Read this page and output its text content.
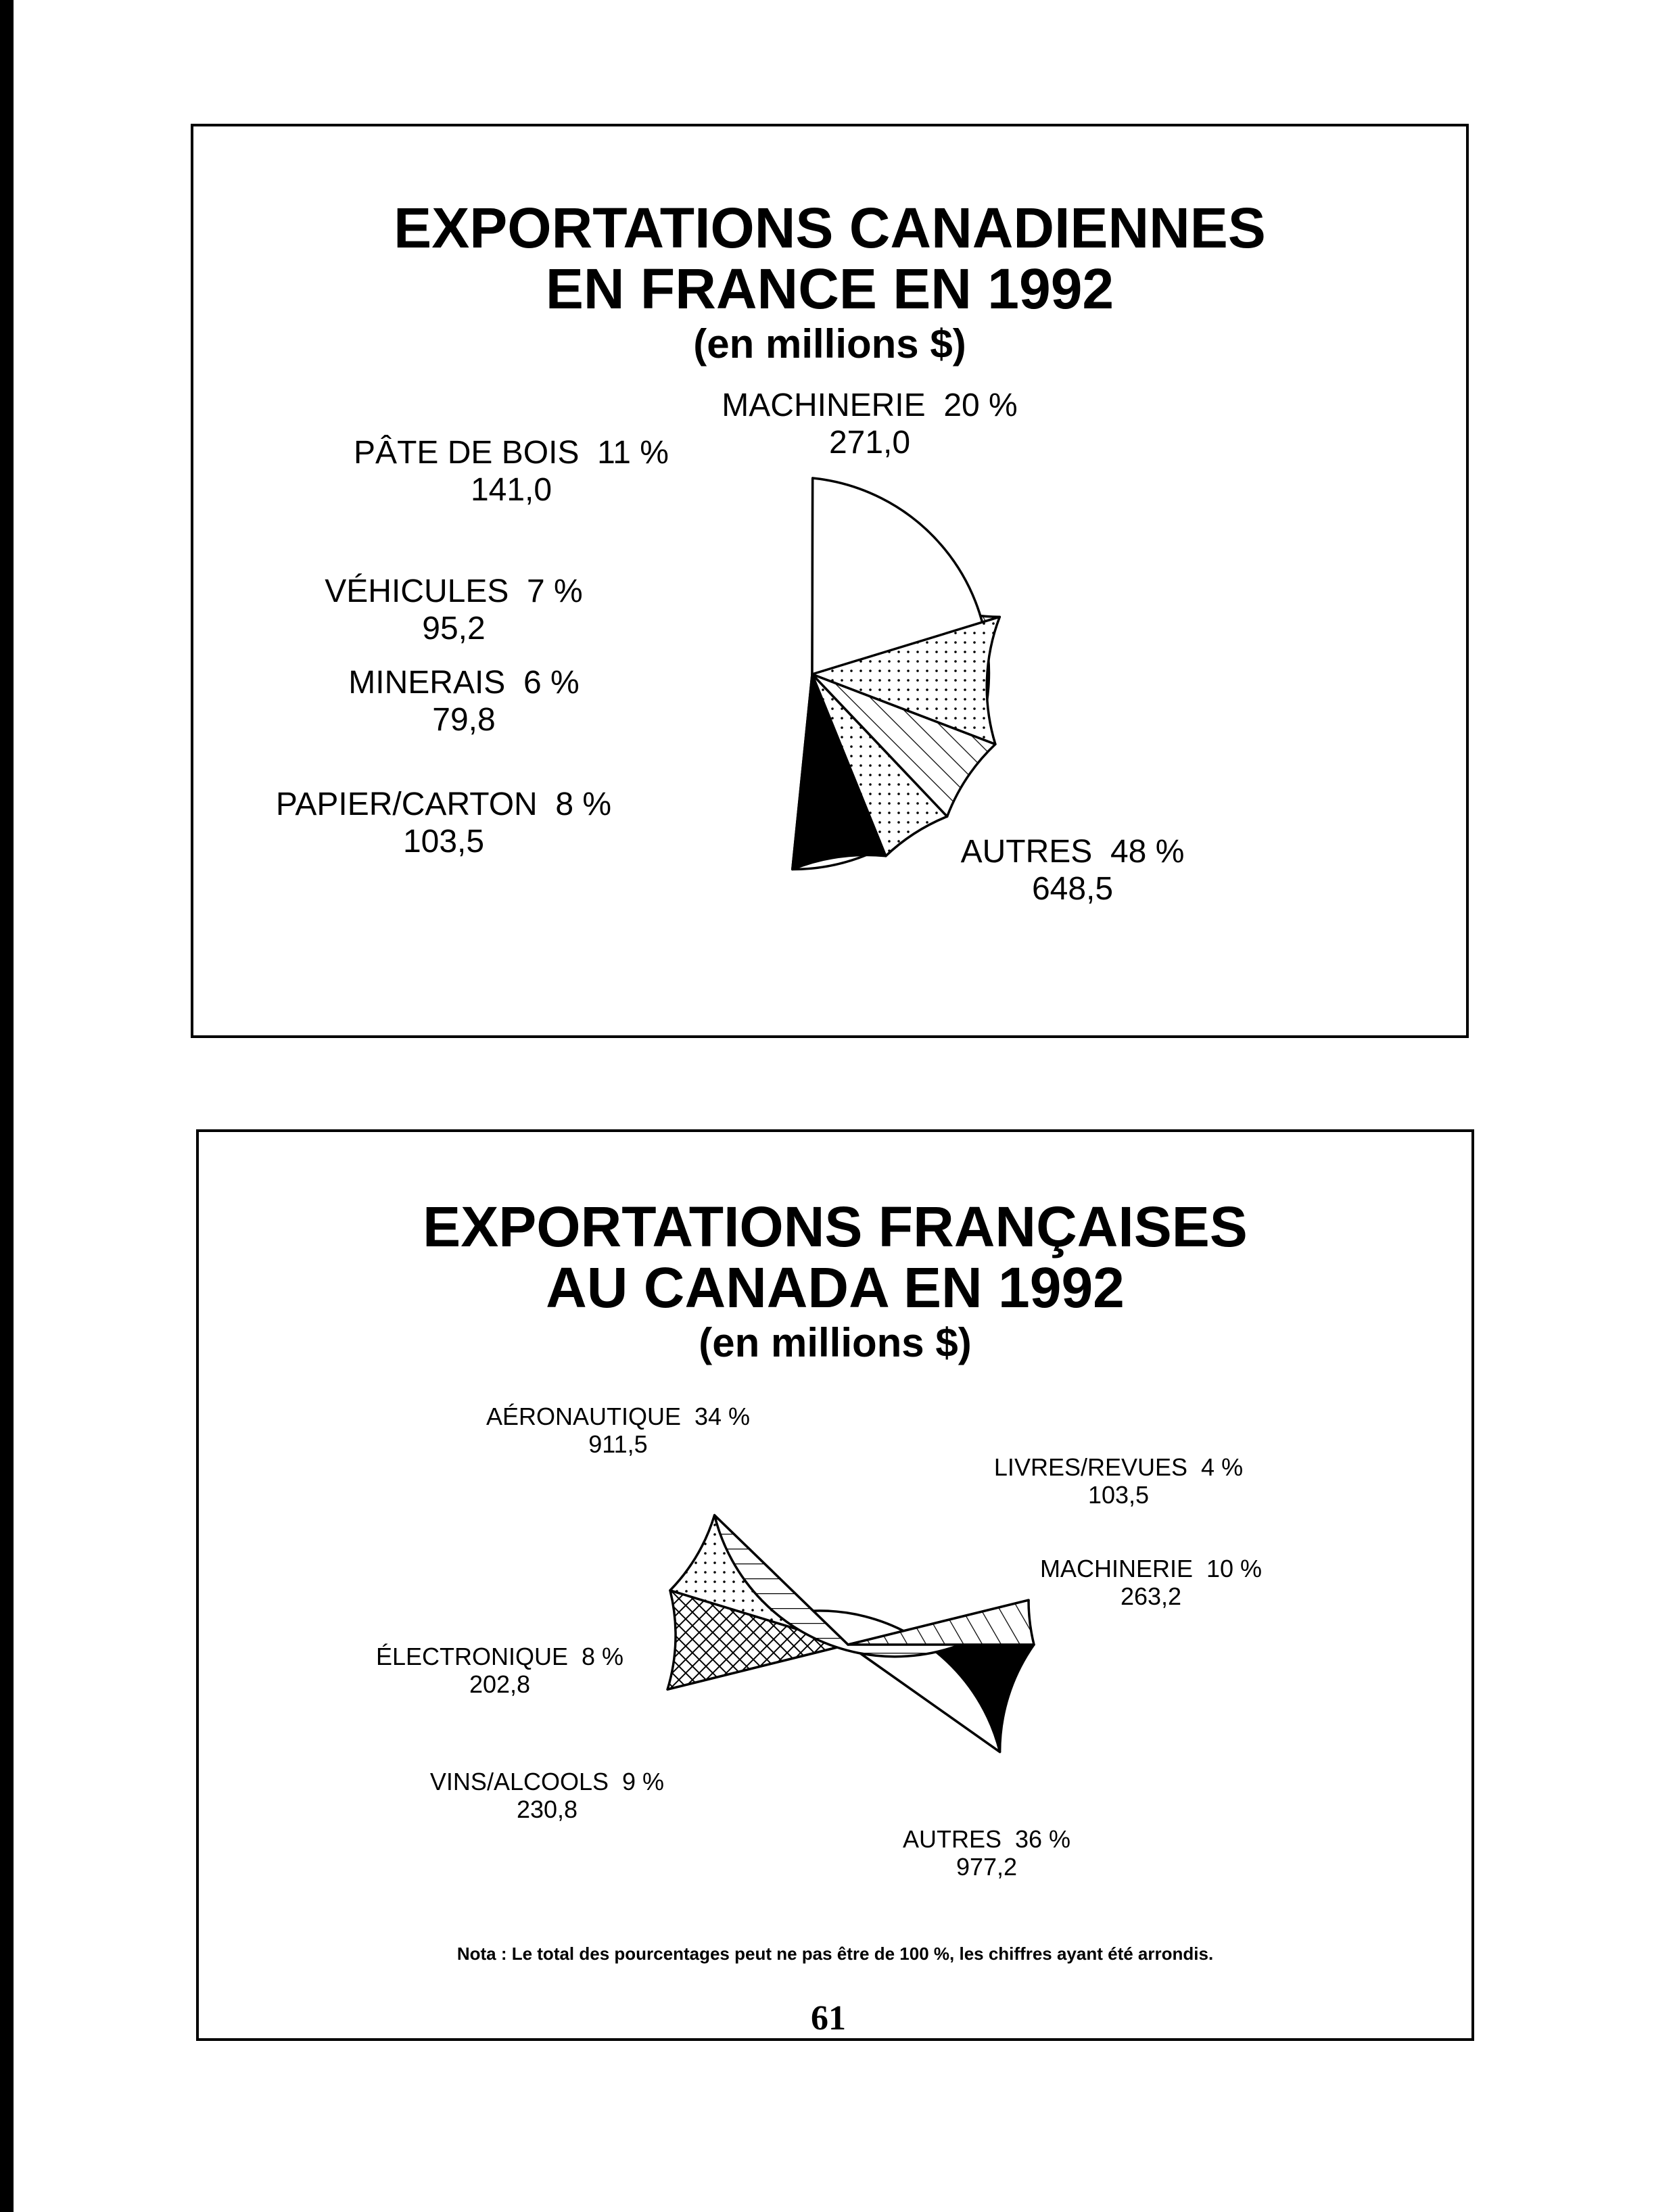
EXPORTATIONS CANADIENNES
EN FRANCE EN 1992
(en millions $)
MACHINERIE 20 %
271,0
PÂTE DE BOIS 11 %
141,0
VÉHICULES 7 %
95,2
MINERAIS 6 %
79,8
PAPIER/CARTON 8 %
103,5	AUTRES 48 %
648,5
EXPORTATIONS FRANÇAISES
AU CANADA EN 1992
(en millions $)
AÉRONAUTIQUE 34 %
911,5
LIVRES/REVUES 4 %
103,5
MACHINERIE 10 %
263,2
ÉLECTRONIQUE 8 %
202,8
VINS/ALCOOLS 9 %
230,8
AUTRES 36 %
977,2
Nota : Le total des pourcentages peut ne pas être de 100 %, les chiffres ayant été arrondis.
61
